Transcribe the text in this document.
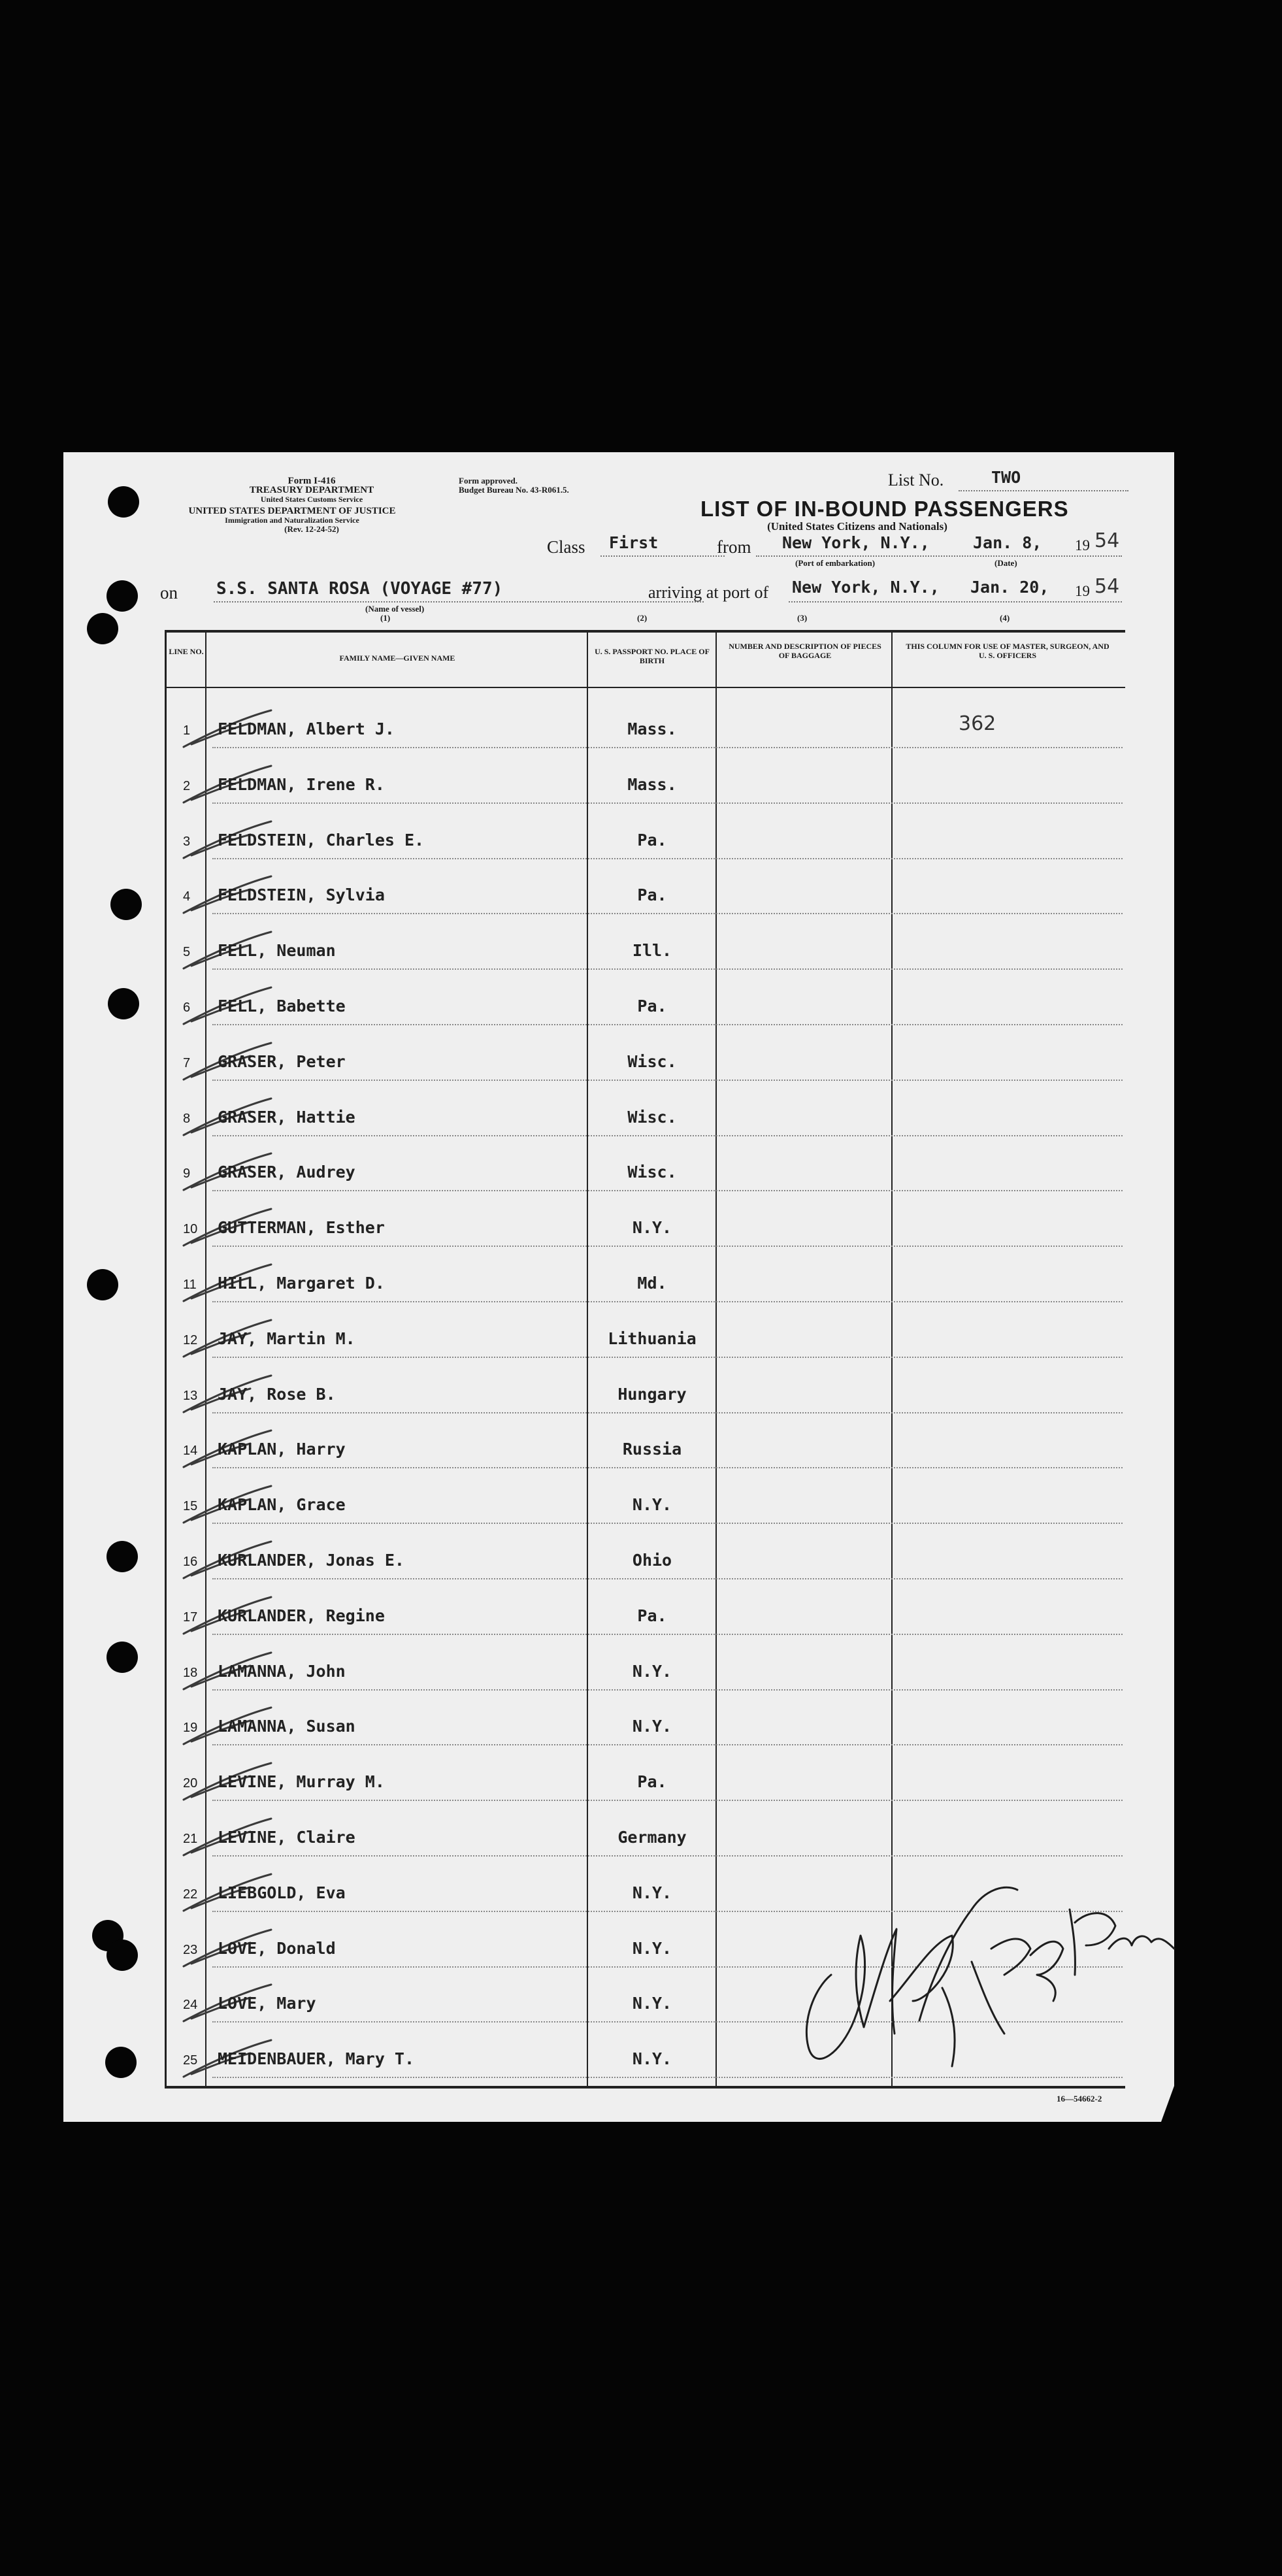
Form I-416
TREASURY DEPARTMENT
United States Customs Service
UNITED STATES DEPARTMENT OF JUSTICE
Immigration and Naturalization Service
(Rev. 12-24-52)
Form approved.
Budget Bureau No. 43-R061.5.
List No.	TWO
LIST OF IN-BOUND PASSENGERS
(United States Citizens and Nationals)
Class First	from New York, N.Y.,
(Port of embarkation)
Jan. 8, 19 54
(Date)
on S.S. SANTA ROSA (VOYAGE #77)
(Name of vessel)
arriving at port of New York, N.Y., Jan. 20, 19 54
(1)	(2)	(3)	(4)
LINE NO.
FAMILY NAME—GIVEN NAME
U. S. PASSPORT NO. PLACE OF BIRTH
NUMBER AND DESCRIPTION OF PIECES OF BAGGAGE
THIS COLUMN FOR USE OF MASTER, SURGEON, AND U. S. OFFICERS
362
1 FELDMAN, Albert J.	Mass.
2 FELDMAN, Irene R.	Mass.
3 FELDSTEIN, Charles E.	Pa.
4 FELDSTEIN, Sylvia	Pa.
5 FELL, Neuman	Ill.
6 FELL, Babette	Pa.
7 GRASER, Peter	Wisc.
8 GRASER, Hattie	Wisc.
9 GRASER, Audrey	Wisc.
10 GUTTERMAN, Esther	N.Y.
11 HILL, Margaret D.	Md.
12 JAY, Martin M.	Lithuania
13 JAY, Rose B.	Hungary
14 KAPLAN, Harry	Russia
15 KAPLAN, Grace	N.Y.
16 KURLANDER, Jonas E.	Ohio
17 KURLANDER, Regine	Pa.
18 LAMANNA, John	N.Y.
19 LAMANNA, Susan	N.Y.
20 LEVINE, Murray M.	Pa.
21 LEVINE, Claire	Germany
22 LIEBGOLD, Eva	N.Y.
23 LOVE, Donald	N.Y.
24 LOVE, Mary	N.Y.
25 MEIDENBAUER, Mary T.	N.Y.
16—54662-2
